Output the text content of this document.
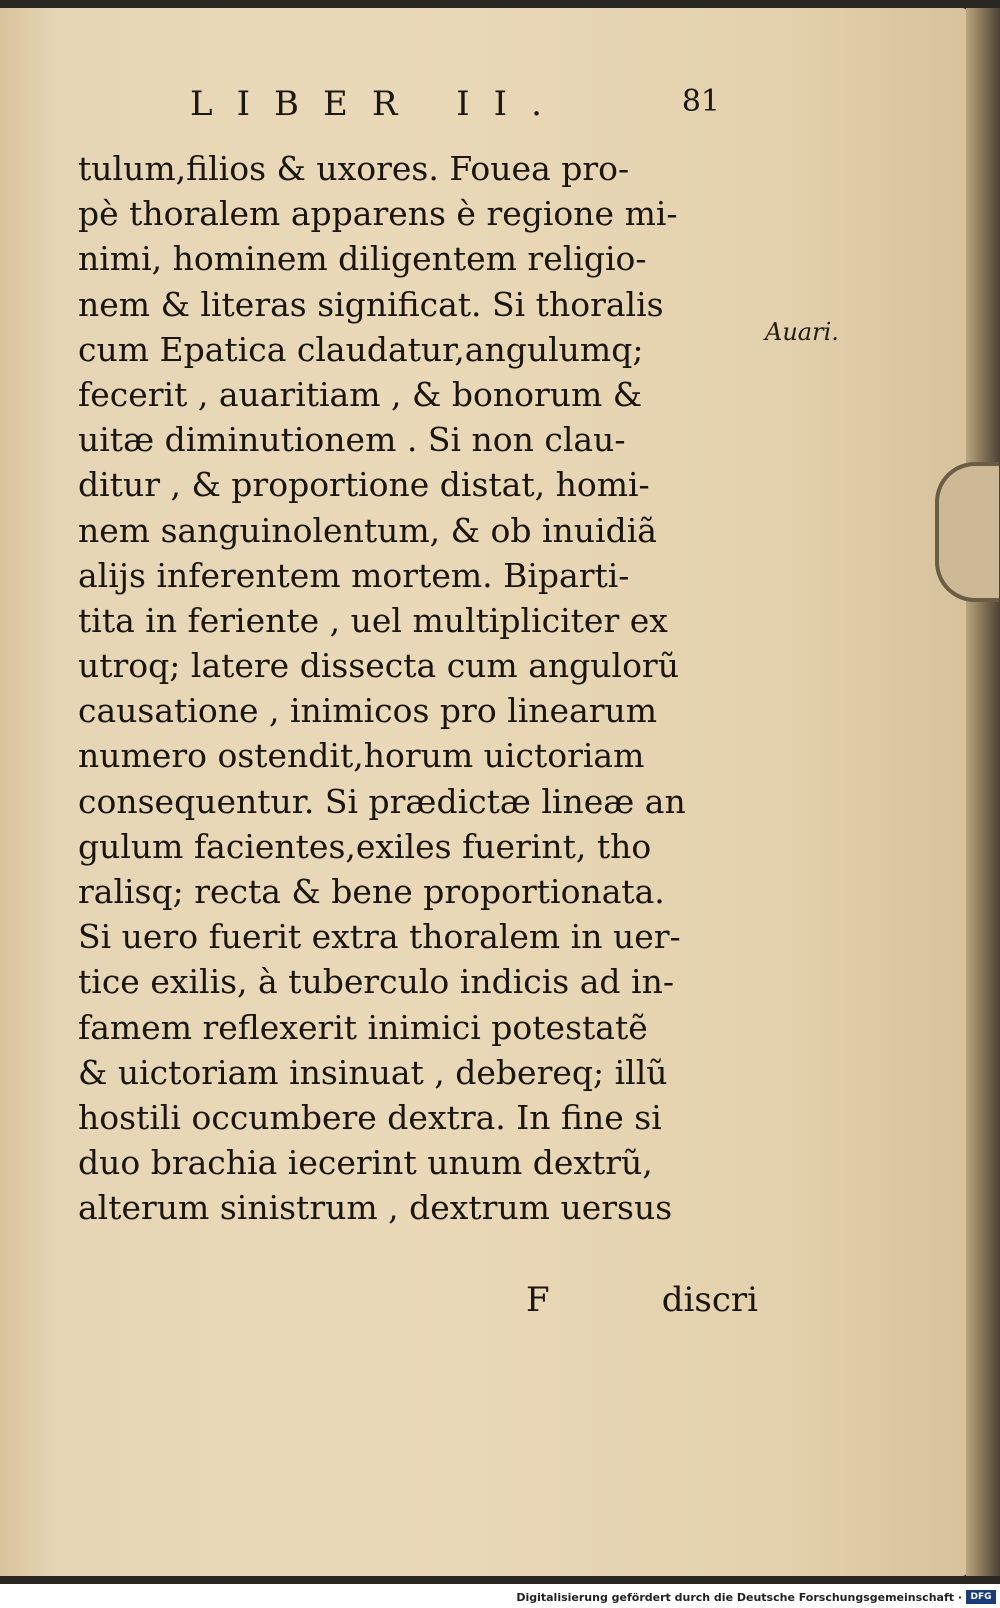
LIBER II.	81
Auari.
tulum,filios & uxores. Fouea pro-
pè thoralem apparens è regione mi-
nimi, hominem diligentem religio-
nem & literas significat. Si thoralis
cum Epatica claudatur,angulumq;
fecerit , auaritiam , & bonorum &
uitæ diminutionem . Si non clau-
ditur , & proportione distat, homi-
nem sanguinolentum, & ob inuidiã
aliјs inferentem mortem. Biparti-
tita in feriente , uel multipliciter ex
utroq; latere dissecta cum angulorũ
causatione , inimicos pro linearum
numero ostendit,horum uictoriam
consequentur. Si prædictæ lineæ an
gulum facientes,exiles fuerint, tho
ralisq; recta & bene proportionata.
Si uero fuerit extra thoralem in uer-
tice exilis, à tuberculo indicis ad in-
famem reflexerit inimici potestatẽ
& uictoriam insinuat , debereq; illũ
hostili occumbere dextra. In fine si
duo brachia iecerint unum dextrũ,
alterum sinistrum , dextrum uersus
F	discri
Digitalisierung gefördert durch die Deutsche Forschungsgemeinschaft · DFG
